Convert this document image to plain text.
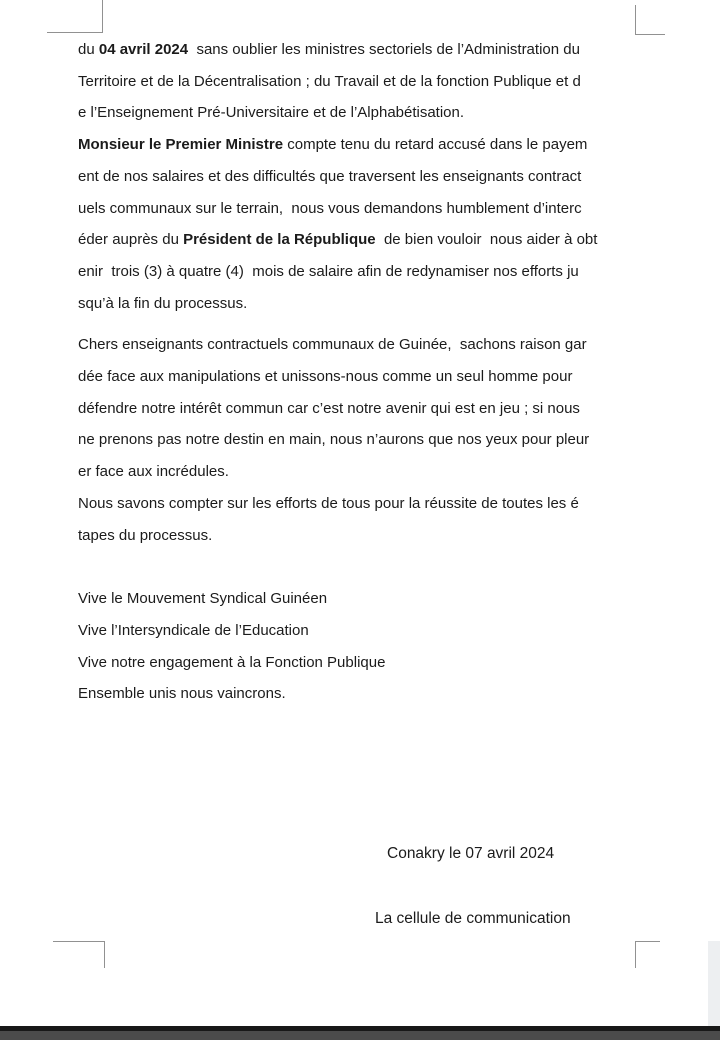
du 04 avril 2024  sans oublier les ministres sectoriels de l’Administration du
Territoire et de la Décentralisation ; du Travail et de la fonction Publique et d
e l’Enseignement Pré-Universitaire et de l’Alphabétisation.
Monsieur le Premier Ministre compte tenu du retard accusé dans le payem
ent de nos salaires et des difficultés que traversent les enseignants contract
uels communaux sur le terrain,  nous vous demandons humblement d’interc
éder auprès du Président de la République  de bien vouloir  nous aider à obt
enir  trois (3) à quatre (4)  mois de salaire afin de redynamiser nos efforts ju
squ’à la fin du processus.
Chers enseignants contractuels communaux de Guinée,  sachons raison gar
dée face aux manipulations et unissons-nous comme un seul homme pour
défendre notre intérêt commun car c’est notre avenir qui est en jeu ; si nous
ne prenons pas notre destin en main, nous n’aurons que nos yeux pour pleur
er face aux incrédules.
Nous savons compter sur les efforts de tous pour la réussite de toutes les é
tapes du processus.
Vive le Mouvement Syndical Guinéen
Vive l’Intersyndicale de l’Education
Vive notre engagement à la Fonction Publique
Ensemble unis nous vaincrons.
Conakry le 07 avril 2024
La cellule de communication
